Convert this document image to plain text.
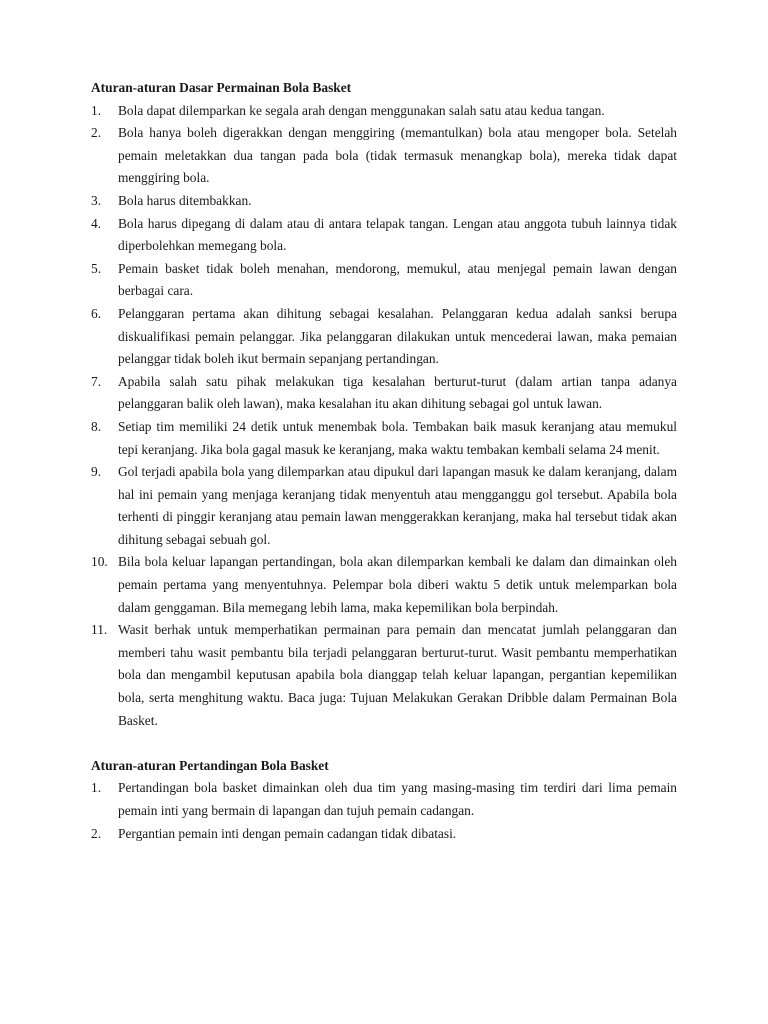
Aturan-aturan Dasar Permainan Bola Basket

1.	Bola dapat dilemparkan ke segala arah dengan menggunakan salah satu atau kedua tangan.
2.	Bola hanya boleh digerakkan dengan menggiring (memantulkan) bola atau mengoper bola. Setelah pemain meletakkan dua tangan pada bola (tidak termasuk menangkap bola), mereka tidak dapat menggiring bola.
3.	Bola harus ditembakkan.
4.	Bola harus dipegang di dalam atau di antara telapak tangan. Lengan atau anggota tubuh lainnya tidak diperbolehkan memegang bola.
5.	Pemain basket tidak boleh menahan, mendorong, memukul, atau menjegal pemain lawan dengan berbagai cara.
6.	Pelanggaran pertama akan dihitung sebagai kesalahan. Pelanggaran kedua adalah sanksi berupa diskualifikasi pemain pelanggar. Jika pelanggaran dilakukan untuk mencederai lawan, maka pemaian pelanggar tidak boleh ikut bermain sepanjang pertandingan.
7.	Apabila salah satu pihak melakukan tiga kesalahan berturut-turut (dalam artian tanpa adanya pelanggaran balik oleh lawan), maka kesalahan itu akan dihitung sebagai gol untuk lawan.
8.	Setiap tim memiliki 24 detik untuk menembak bola. Tembakan baik masuk keranjang atau memukul tepi keranjang. Jika bola gagal masuk ke keranjang, maka waktu tembakan kembali selama 24 menit.
9.	Gol terjadi apabila bola yang dilemparkan atau dipukul dari lapangan masuk ke dalam keranjang, dalam hal ini pemain yang menjaga keranjang tidak menyentuh atau mengganggu gol tersebut. Apabila bola terhenti di pinggir keranjang atau pemain lawan menggerakkan keranjang, maka hal tersebut tidak akan dihitung sebagai sebuah gol.
10. Bila bola keluar lapangan pertandingan, bola akan dilemparkan kembali ke dalam dan dimainkan oleh pemain pertama yang menyentuhnya. Pelempar bola diberi waktu 5 detik untuk melemparkan bola dalam genggaman. Bila memegang lebih lama, maka kepemilikan bola berpindah.
11. Wasit berhak untuk memperhatikan permainan para pemain dan mencatat jumlah pelanggaran dan memberi tahu wasit pembantu bila terjadi pelanggaran berturut-turut. Wasit pembantu memperhatikan bola dan mengambil keputusan apabila bola dianggap telah keluar lapangan, pergantian kepemilikan bola, serta menghitung waktu. Baca juga: Tujuan Melakukan Gerakan Dribble dalam Permainan Bola Basket.

Aturan-aturan Pertandingan Bola Basket

1.	Pertandingan bola basket dimainkan oleh dua tim yang masing-masing tim terdiri dari lima pemain pemain inti yang bermain di lapangan dan tujuh pemain cadangan.
2.	Pergantian pemain inti dengan pemain cadangan tidak dibatasi.
